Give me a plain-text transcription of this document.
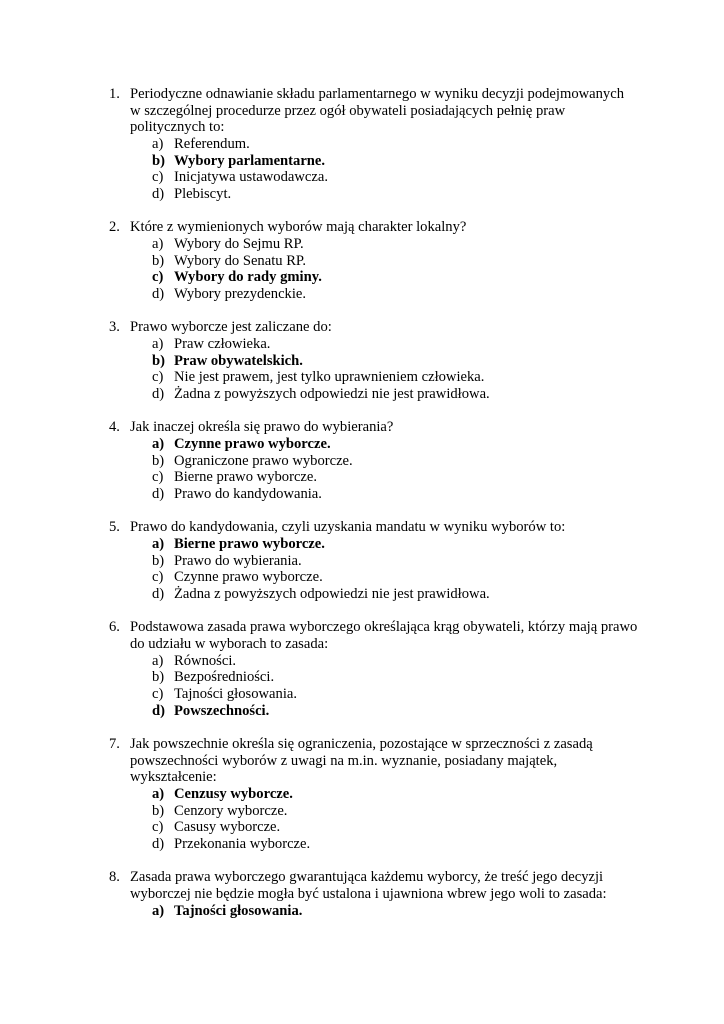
1. Periodyczne odnawianie składu parlamentarnego w wyniku decyzji podejmowanych
w szczególnej procedurze przez ogół obywateli posiadających pełnię praw
politycznych to:
a) Referendum.
b) Wybory parlamentarne.
c) Inicjatywa ustawodawcza.
d) Plebiscyt.
2. Które z wymienionych wyborów mają charakter lokalny?
a) Wybory do Sejmu RP.
b) Wybory do Senatu RP.
c) Wybory do rady gminy.
d) Wybory prezydenckie.
3. Prawo wyborcze jest zaliczane do:
a) Praw człowieka.
b) Praw obywatelskich.
c) Nie jest prawem, jest tylko uprawnieniem człowieka.
d) Żadna z powyższych odpowiedzi nie jest prawidłowa.
4. Jak inaczej określa się prawo do wybierania?
a) Czynne prawo wyborcze.
b) Ograniczone prawo wyborcze.
c) Bierne prawo wyborcze.
d) Prawo do kandydowania.
5. Prawo do kandydowania, czyli uzyskania mandatu w wyniku wyborów to:
a) Bierne prawo wyborcze.
b) Prawo do wybierania.
c) Czynne prawo wyborcze.
d) Żadna z powyższych odpowiedzi nie jest prawidłowa.
6. Podstawowa zasada prawa wyborczego określająca krąg obywateli, którzy mają prawo
do udziału w wyborach to zasada:
a) Równości.
b) Bezpośredniości.
c) Tajności głosowania.
d) Powszechności.
7. Jak powszechnie określa się ograniczenia, pozostające w sprzeczności z zasadą
powszechności wyborów z uwagi na m.in. wyznanie, posiadany majątek,
wykształcenie:
a) Cenzusy wyborcze.
b) Cenzory wyborcze.
c) Casusy wyborcze.
d) Przekonania wyborcze.
8. Zasada prawa wyborczego gwarantująca każdemu wyborcy, że treść jego decyzji
wyborczej nie będzie mogła być ustalona i ujawniona wbrew jego woli to zasada:
a) Tajności głosowania.
